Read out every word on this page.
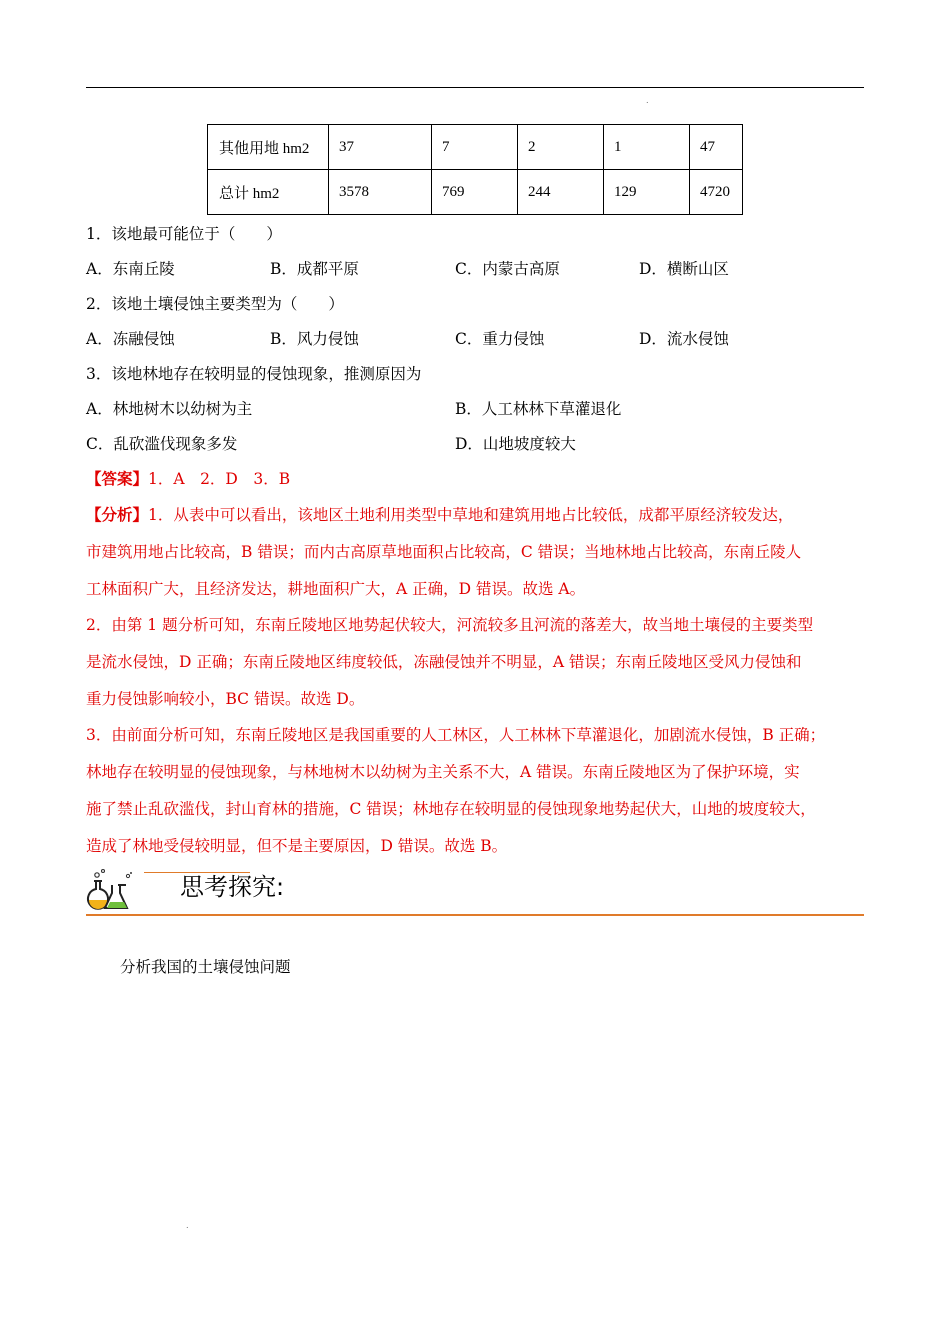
.
其他用地 hm2	37	7	2	1	47
总计 hm2	3578	769	244	129	4720
1．该地最可能位于（　　）
A．东南丘陵	B．成都平原	C．内蒙古高原	D．横断山区
2．该地土壤侵蚀主要类型为（　　）
A．冻融侵蚀	B．风力侵蚀	C．重力侵蚀	D．流水侵蚀
3．该地林地存在较明显的侵蚀现象，推测原因为
A．林地树木以幼树为主	B．人工林林下草灌退化
C．乱砍滥伐现象多发	D．山地坡度较大
【答案】1．A　2．D　3．B
【分析】1．从表中可以看出，该地区土地利用类型中草地和建筑用地占比较低，成都平原经济较发达，
市建筑用地占比较高，B 错误；而内古高原草地面积占比较高，C 错误；当地林地占比较高，东南丘陵人
工林面积广大，且经济发达，耕地面积广大，A 正确，D 错误。故选 A。
2．由第 1 题分析可知，东南丘陵地区地势起伏较大，河流较多且河流的落差大，故当地土壤侵的主要类型
是流水侵蚀，D 正确；东南丘陵地区纬度较低，冻融侵蚀并不明显，A 错误；东南丘陵地区受风力侵蚀和
重力侵蚀影响较小，BC 错误。故选 D。
3．由前面分析可知，东南丘陵地区是我国重要的人工林区，人工林林下草灌退化，加剧流水侵蚀，B 正确；
林地存在较明显的侵蚀现象，与林地树木以幼树为主关系不大，A 错误。东南丘陵地区为了保护环境，实
施了禁止乱砍滥伐，封山育林的措施，C 错误；林地存在较明显的侵蚀现象地势起伏大，山地的坡度较大，
造成了林地受侵较明显，但不是主要原因，D 错误。故选 B。
思考探究:
分析我国的土壤侵蚀问题
.
